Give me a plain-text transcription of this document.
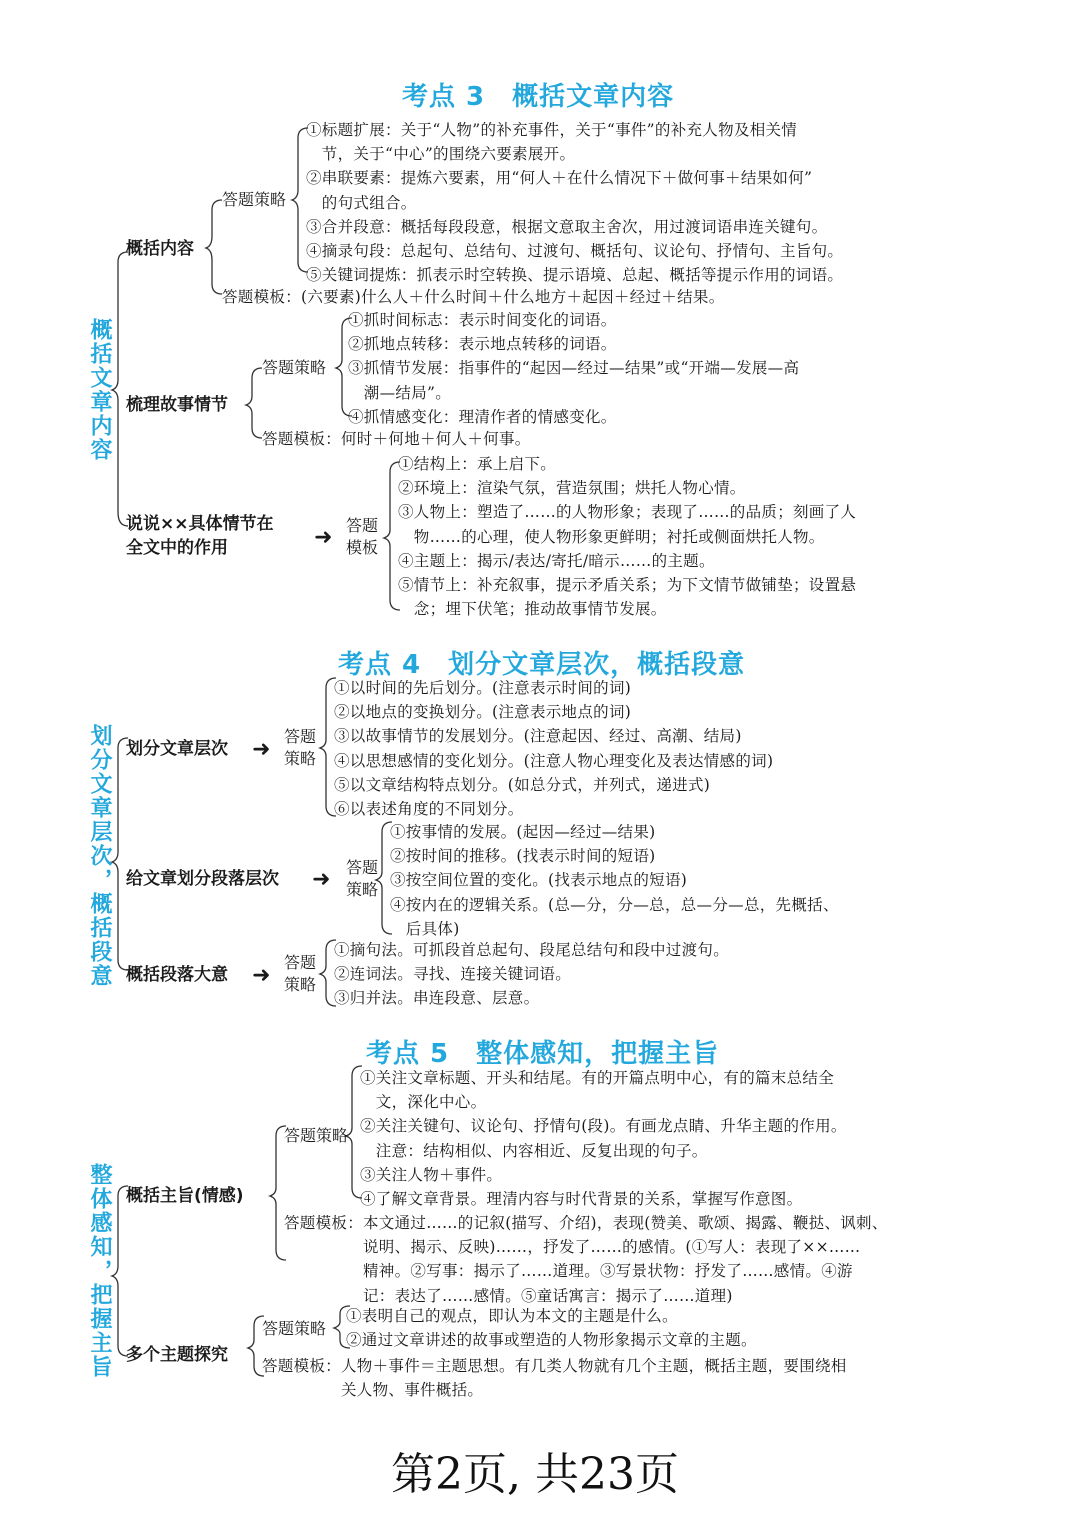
考点 3　概括文章内容
概括文章内容
概括内容
答题策略
①标题扩展：关于“人物”的补充事件，关于“事件”的补充人物及相关情
　节，关于“中心”的围绕六要素展开。
②串联要素：提炼六要素，用“何人＋在什么情况下＋做何事＋结果如何”
　的句式组合。
③合并段意：概括每段段意，根据文意取主舍次，用过渡词语串连关键句。
④摘录句段：总起句、总结句、过渡句、概括句、议论句、抒情句、主旨句。
⑤关键词提炼：抓表示时空转换、提示语境、总起、概括等提示作用的词语。
答题模板：(六要素)什么人＋什么时间＋什么地方＋起因＋经过＋结果。
梳理故事情节
答题策略
①抓时间标志：表示时间变化的词语。
②抓地点转移：表示地点转移的词语。
③抓情节发展：指事件的“起因—经过—结果”或“开端—发展—高
　潮—结局”。
④抓情感变化：理清作者的情感变化。
答题模板：何时＋何地＋何人＋何事。
说说××具体情节在
全文中的作用	➜ 答题模板
①结构上：承上启下。
②环境上：渲染气氛，营造氛围；烘托人物心情。
③人物上：塑造了……的人物形象；表现了……的品质；刻画了人
　物……的心理，使人物形象更鲜明；衬托或侧面烘托人物。
④主题上：揭示/表达/寄托/暗示……的主题。
⑤情节上：补充叙事，提示矛盾关系；为下文情节做铺垫；设置悬
　念；埋下伏笔；推动故事情节发展。
考点 4　划分文章层次，概括段意
划分文章层次，概括段意 划分文章层次 ➜
答题策略
①以时间的先后划分。(注意表示时间的词)
②以地点的变换划分。(注意表示地点的词)
③以故事情节的发展划分。(注意起因、经过、高潮、结局)
④以思想感情的变化划分。(注意人物心理变化及表达情感的词)
⑤以文章结构特点划分。(如总分式，并列式，递进式)
⑥以表述角度的不同划分。
给文章划分段落层次 ➜ 答题策略
①按事情的发展。(起因—经过—结果)
②按时间的推移。(找表示时间的短语)
③按空间位置的变化。(找表示地点的短语)
④按内在的逻辑关系。(总—分，分—总，总—分—总，先概括、
　后具体)
概括段落大意 ➜
答题策略
①摘句法。可抓段首总起句、段尾总结句和段中过渡句。
②连词法。寻找、连接关键词语。
③归并法。串连段意、层意。
考点 5　整体感知，把握主旨
整体感知，把握主旨 概括主旨(情感)
答题策略
①关注文章标题、开头和结尾。有的开篇点明中心，有的篇末总结全
　文，深化中心。
②关注关键句、议论句、抒情句(段)。有画龙点睛、升华主题的作用。
　注意：结构相似、内容相近、反复出现的句子。
③关注人物＋事件。
④了解文章背景。理清内容与时代背景的关系，掌握写作意图。
答题模板：本文通过……的记叙(描写、介绍)，表现(赞美、歌颂、揭露、鞭挞、讽刺、
　　　　　说明、揭示、反映)……，抒发了……的感情。(①写人：表现了××……
　　　　　精神。②写事：揭示了……道理。③写景状物：抒发了……感情。④游
　　　　　记：表达了……感情。⑤童话寓言：揭示了……道理)
多个主题探究
答题策略
①表明自己的观点，即认为本文的主题是什么。
②通过文章讲述的故事或塑造的人物形象揭示文章的主题。
答题模板：人物＋事件＝主题思想。有几类人物就有几个主题，概括主题，要围绕相
　　　　　关人物、事件概括。
第2页, 共23页
